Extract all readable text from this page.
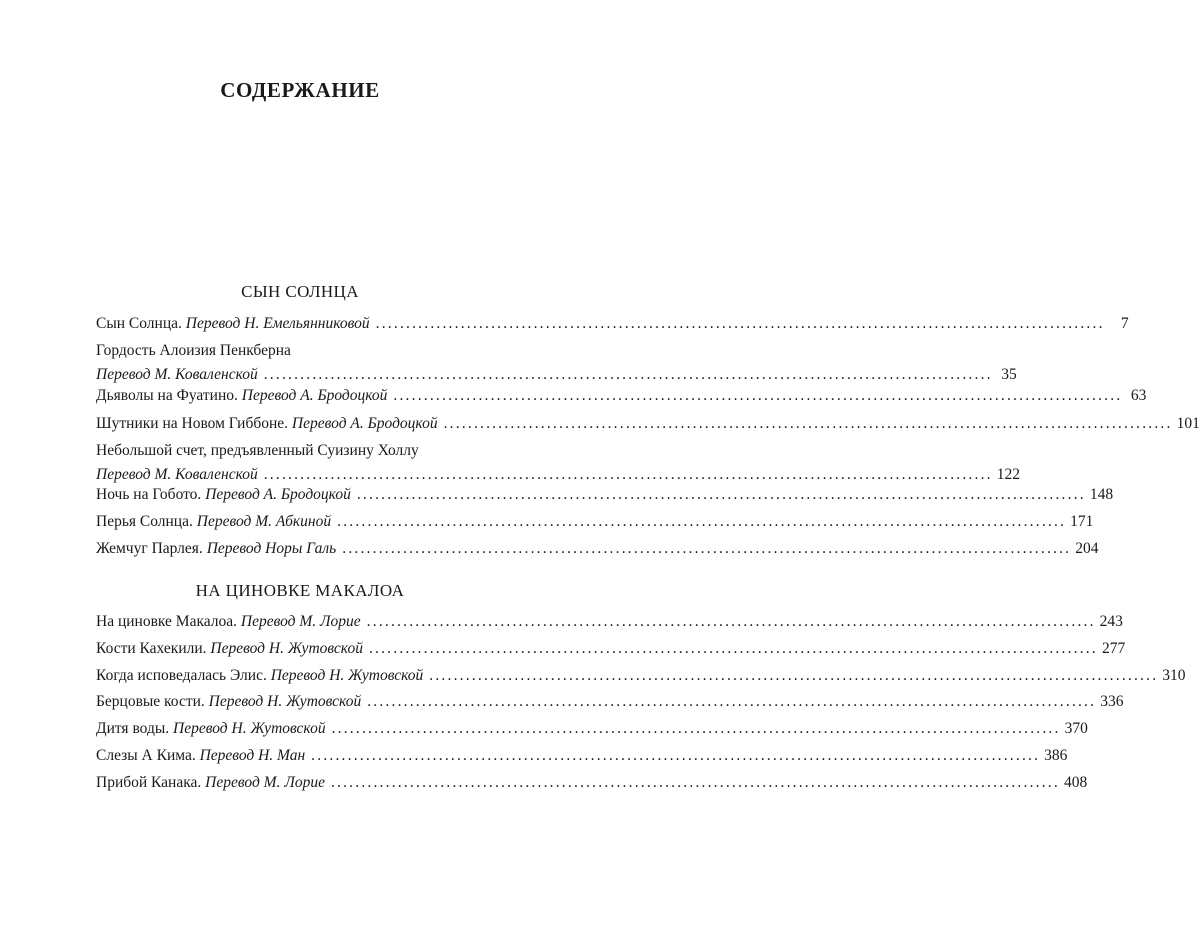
СОДЕРЖАНИЕ
СЫН СОЛНЦА
Сын Солнца. Перевод Н. Емельянниковой ........................................................................................................................	7
Гордость Алоизия Пенкберна
Перевод М. Коваленской ........................................................................................................................ 35
Дьяволы на Фуатино. Перевод А. Бродоцкой ........................................................................................................................ 63
Шутники на Новом Гиббоне. Перевод А. Бродоцкой ........................................................................................................................ 101
Небольшой счет, предъявленный Суизину Холлу
Перевод М. Коваленской ........................................................................................................................ 122
Ночь на Гобото. Перевод А. Бродоцкой ........................................................................................................................ 148
Перья Солнца. Перевод М. Абкиной ........................................................................................................................ 171
Жемчуг Парлея. Перевод Норы Галь ........................................................................................................................ 204
НА ЦИНОВКЕ МАКАЛОА
На циновке Макалоа. Перевод М. Лорие ........................................................................................................................ 243
Кости Кахекили. Перевод Н. Жутовской ........................................................................................................................ 277
Когда исповедалась Элис. Перевод Н. Жутовской ........................................................................................................................ 310
Берцовые кости. Перевод Н. Жутовской ........................................................................................................................ 336
Дитя воды. Перевод Н. Жутовской ........................................................................................................................ 370
Слезы А Кима. Перевод Н. Ман ........................................................................................................................ 386
Прибой Канака. Перевод М. Лорие ........................................................................................................................ 408
